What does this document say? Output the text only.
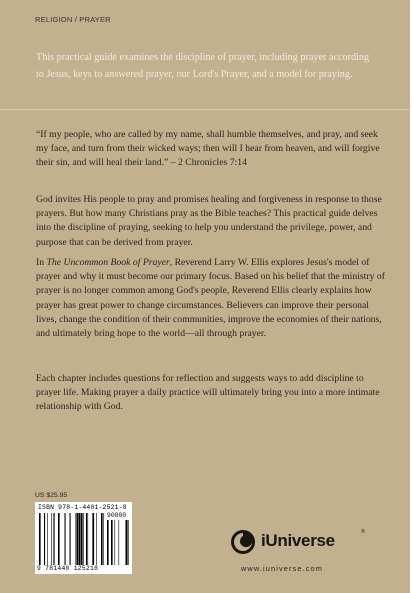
RELIGION / PRAYER
This practical guide examines the discipline of prayer, including prayer according to Jesus, keys to answered prayer, our Lord's Prayer, and a model for praying.
“If my people, who are called by my name, shall humble themselves, and pray, and seek my face, and turn from their wicked ways; then will I hear from heaven, and will forgive their sin, and will heal their land.” – 2 Chronicles 7:14
God invites His people to pray and promises healing and forgiveness in response to those prayers. But how many Christians pray as the Bible teaches? This practical guide delves into the discipline of praying, seeking to help you understand the privilege, power, and purpose that can be derived from prayer.
In The Uncommon Book of Prayer, Reverend Larry W. Ellis explores Jesus's model of prayer and why it must become our primary focus. Based on his belief that the ministry of prayer is no longer common among God's people, Reverend Ellis clearly explains how prayer has great power to change circumstances. Believers can improve their personal lives, change the condition of their communities, improve the economies of their nations, and ultimately bring hope to the world—all through prayer.
Each chapter includes questions for reflection and suggests ways to add discipline to prayer life. Making prayer a daily practice will ultimately bring you into a more intimate relationship with God.
US $25.95
ISBN 978-1-4401-2521-8
90000
9 781440 125218
iUniverse	®
www.iuniverse.com
